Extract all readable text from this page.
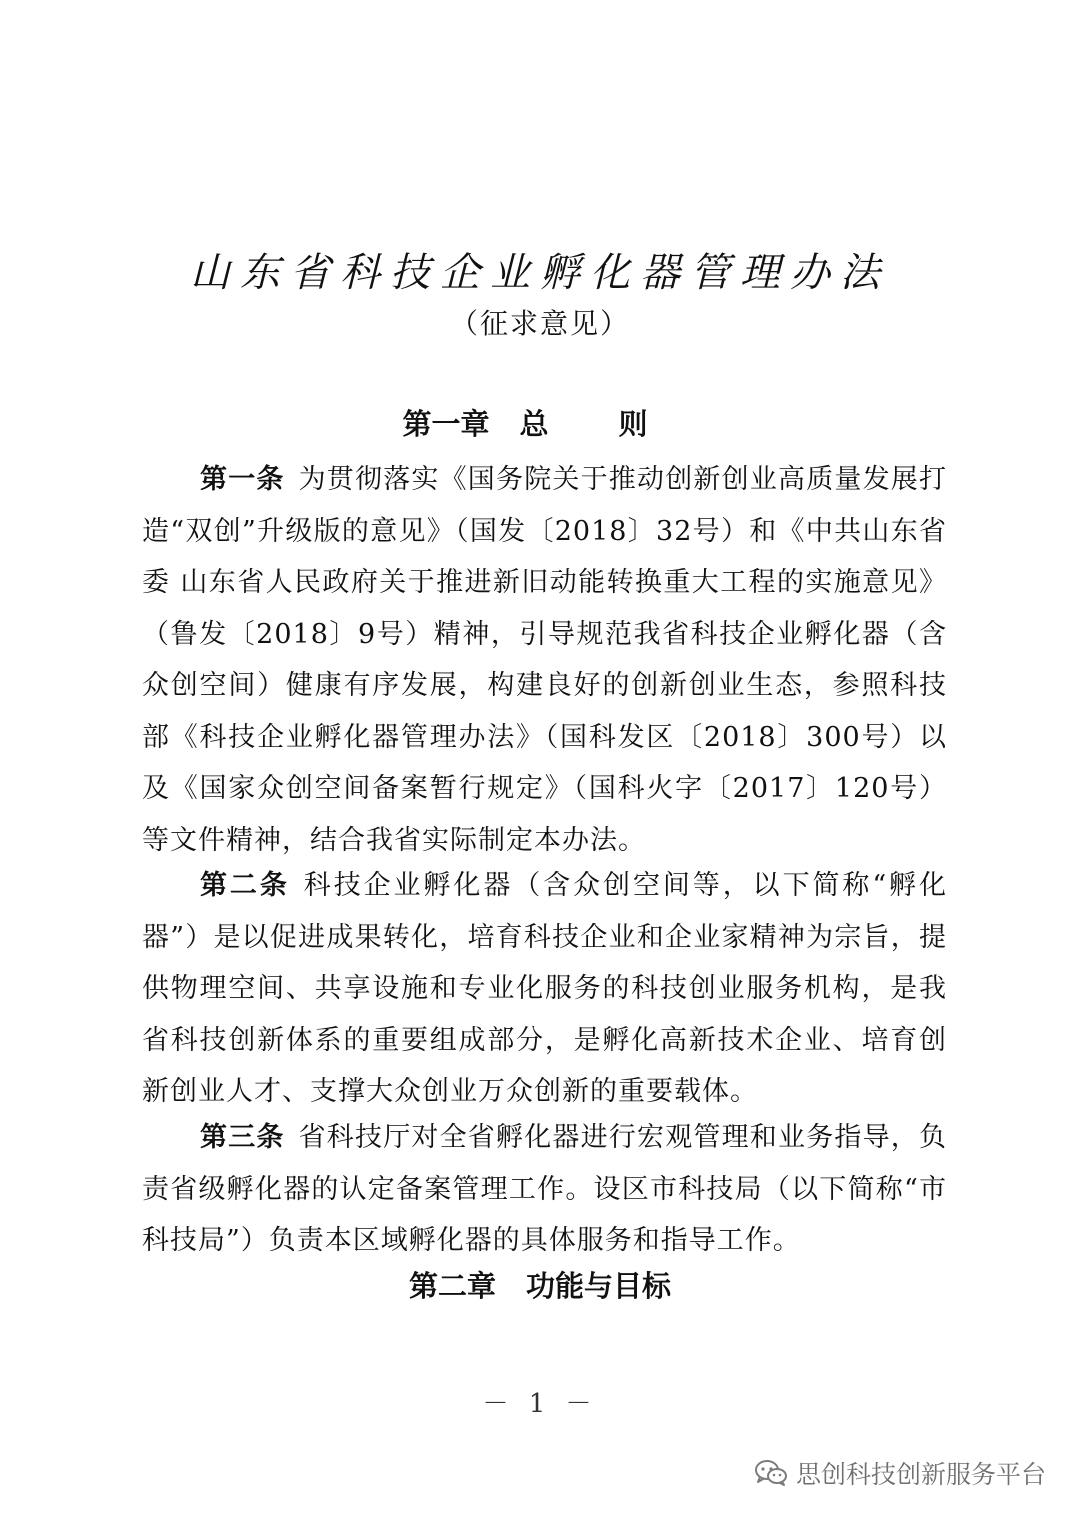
山东省科技企业孵化器管理办法
（征求意见）
第一章 总 则

第一条 为贯彻落实《国务院关于推动创新创业高质量发展打造“双创”升级版的意见》（国发〔2018〕32号）和《中共山东省委 山东省人民政府关于推进新旧动能转换重大工程的实施意见》（鲁发〔2018〕9号）精神，引导规范我省科技企业孵化器（含众创空间）健康有序发展，构建良好的创新创业生态，参照科技部《科技企业孵化器管理办法》（国科发区〔2018〕300号）以及《国家众创空间备案暂行规定》（国科火字〔2017〕120号）等文件精神，结合我省实际制定本办法。

第二条 科技企业孵化器（含众创空间等，以下简称“孵化器”）是以促进成果转化，培育科技企业和企业家精神为宗旨，提供物理空间、共享设施和专业化服务的科技创业服务机构，是我省科技创新体系的重要组成部分，是孵化高新技术企业、培育创新创业人才、支撑大众创业万众创新的重要载体。

第三条 省科技厅对全省孵化器进行宏观管理和业务指导，负责省级孵化器的认定备案管理工作。设区市科技局（以下简称“市科技局”）负责本区域孵化器的具体服务和指导工作。

第二章 功能与目标
－ 1 －
思创科技创新服务平台
